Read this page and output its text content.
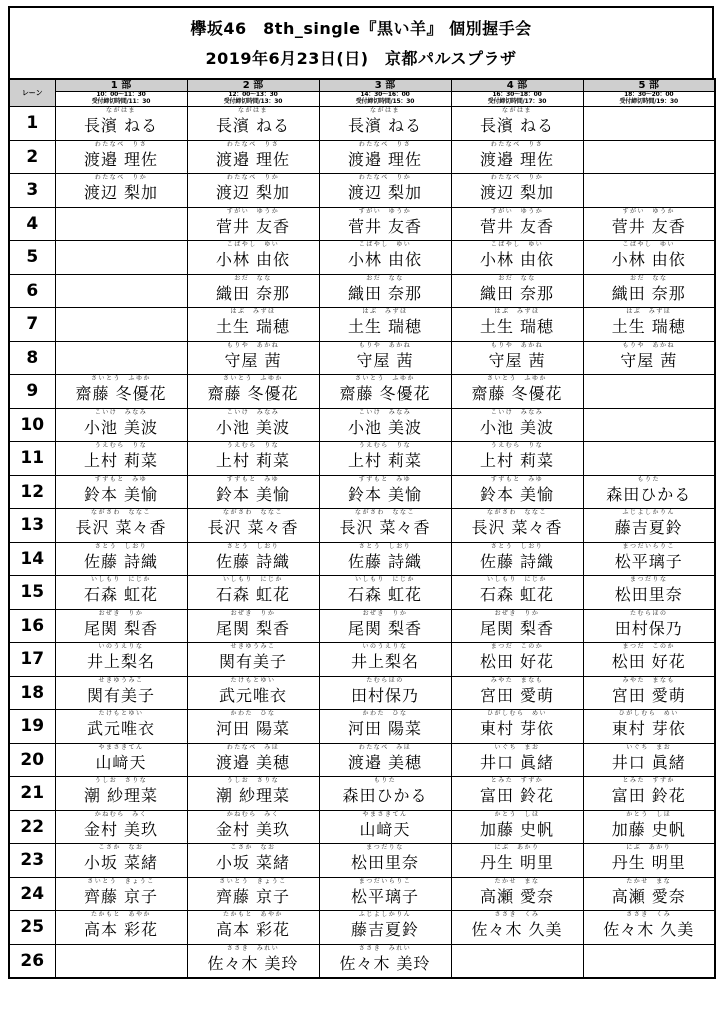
欅坂46　8th_single『黒い羊』 個別握手会
2019年6月23日(日)　京都パルスプラザ
レーン	1 部
10：00〜11：30
受付締切時間/11：30	2 部
12：00〜13：30
受付締切時間/13：30	3 部
14：30〜16：00
受付締切時間/15：30	4 部
16：30〜18：00
受付締切時間/17：30	5 部
18：30〜20：00
受付締切時間/19：30

1	ながはま
長濱 ねる	ながはま
長濱 ねる	ながはま
長濱 ねる	ながはま
長濱 ねる	

2	わたなべ　りさ
渡邉 理佐	わたなべ　りさ
渡邉 理佐	わたなべ　りさ
渡邉 理佐	わたなべ　りさ
渡邉 理佐	

3	わたなべ　りか
渡辺 梨加	わたなべ　りか
渡辺 梨加	わたなべ　りか
渡辺 梨加	わたなべ　りか
渡辺 梨加	

4		すがい　ゆうか
菅井 友香	すがい　ゆうか
菅井 友香	すがい　ゆうか
菅井 友香	すがい　ゆうか
菅井 友香

5		こばやし　ゆい
小林 由依	こばやし　ゆい
小林 由依	こばやし　ゆい
小林 由依	こばやし　ゆい
小林 由依

6		おだ　なな
織田 奈那	おだ　なな
織田 奈那	おだ　なな
織田 奈那	おだ　なな
織田 奈那

7		はぶ　みずほ
土生 瑞穂	はぶ　みずほ
土生 瑞穂	はぶ　みずほ
土生 瑞穂	はぶ　みずほ
土生 瑞穂

8		もりや　あかね
守屋 茜	もりや　あかね
守屋 茜	もりや　あかね
守屋 茜	もりや　あかね
守屋 茜

9	さいとう　ふゆか
齋藤 冬優花	さいとう　ふゆか
齋藤 冬優花	さいとう　ふゆか
齋藤 冬優花	さいとう　ふゆか
齋藤 冬優花	

10	こいけ　みなみ
小池 美波	こいけ　みなみ
小池 美波	こいけ　みなみ
小池 美波	こいけ　みなみ
小池 美波	

11	うえむら　りな
上村 莉菜	うえむら　りな
上村 莉菜	うえむら　りな
上村 莉菜	うえむら　りな
上村 莉菜	

12	すずもと　みゆ
鈴本 美愉	すずもと　みゆ
鈴本 美愉	すずもと　みゆ
鈴本 美愉	すずもと　みゆ
鈴本 美愉	もりた
森田ひかる

13	ながさわ　ななこ
長沢 菜々香	ながさわ　ななこ
長沢 菜々香	ながさわ　ななこ
長沢 菜々香	ながさわ　ななこ
長沢 菜々香	ふじよしかりん
藤吉夏鈴

14	さとう　しおり
佐藤 詩織	さとう　しおり
佐藤 詩織	さとう　しおり
佐藤 詩織	さとう　しおり
佐藤 詩織	まつだいらりこ
松平璃子

15	いしもり　にじか
石森 虹花	いしもり　にじか
石森 虹花	いしもり　にじか
石森 虹花	いしもり　にじか
石森 虹花	まつだりな
松田里奈

16	おぜき　りか
尾関 梨香	おぜき　りか
尾関 梨香	おぜき　りか
尾関 梨香	おぜき　りか
尾関 梨香	たむらほの
田村保乃

17	いのうえりな
井上梨名	せきゆうみこ
関有美子	いのうえりな
井上梨名	まつだ　このか
松田 好花	まつだ　このか
松田 好花

18	せきゆうみこ
関有美子	たけもとゆい
武元唯衣	たむらほの
田村保乃	みやた　まなも
宮田 愛萌	みやた　まなも
宮田 愛萌

19	たけもとゆい
武元唯衣	かわた　ひな
河田 陽菜	かわた　ひな
河田 陽菜	ひがしむら　めい
東村 芽依	ひがしむら　めい
東村 芽依

20	やまさきてん
山﨑天	わたなべ　みほ
渡邉 美穂	わたなべ　みほ
渡邉 美穂	いぐち　まお
井口 眞緒	いぐち　まお
井口 眞緒

21	うしお　さりな
潮 紗理菜	うしお　さりな
潮 紗理菜	もりた
森田ひかる	とみた　すずか
富田 鈴花	とみた　すずか
富田 鈴花

22	かねむら　みく
金村 美玖	かねむら　みく
金村 美玖	やまさきてん
山﨑天	かとう　しほ
加藤 史帆	かとう　しほ
加藤 史帆

23	こさか　なお
小坂 菜緒	こさか　なお
小坂 菜緒	まつだりな
松田里奈	にぶ　あかり
丹生 明里	にぶ　あかり
丹生 明里

24	さいとう　きょうこ
齊藤 京子	さいとう　きょうこ
齊藤 京子	まつだいらりこ
松平璃子	たかせ　まな
高瀬 愛奈	たかせ　まな
高瀬 愛奈

25	たかもと　あやか
高本 彩花	たかもと　あやか
高本 彩花	ふじよしかりん
藤吉夏鈴	ささき　くみ
佐々木 久美	ささき　くみ
佐々木 久美

26		ささき　みれい
佐々木 美玲	ささき　みれい
佐々木 美玲		
